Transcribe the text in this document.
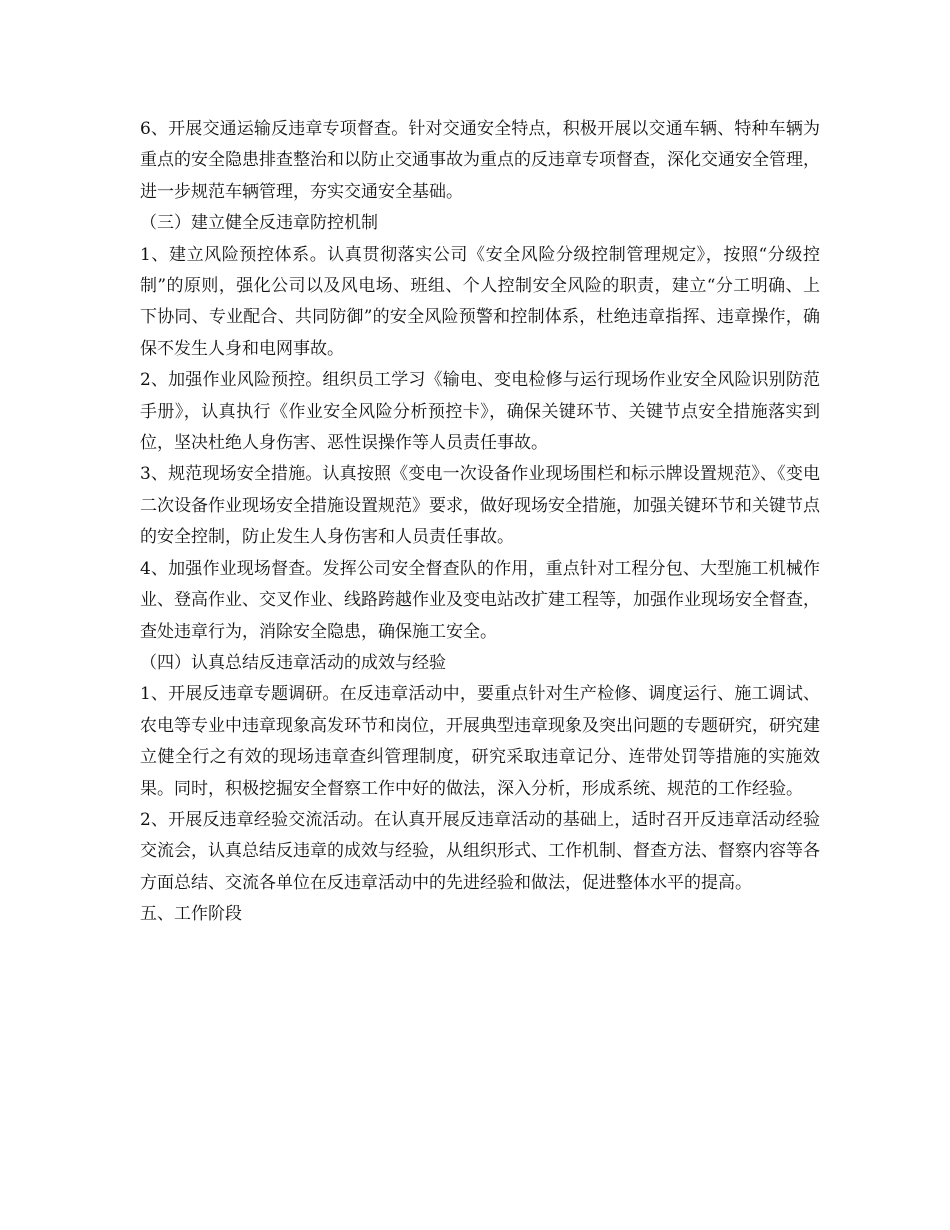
6、开展交通运输反违章专项督查。针对交通安全特点，积极开展以交通车辆、特种车辆为重点的安全隐患排查整治和以防止交通事故为重点的反违章专项督查，深化交通安全管理，进一步规范车辆管理，夯实交通安全基础。

（三）建立健全反违章防控机制

1、建立风险预控体系。认真贯彻落实公司《安全风险分级控制管理规定》，按照“分级控制”的原则，强化公司以及风电场、班组、个人控制安全风险的职责，建立“分工明确、上下协同、专业配合、共同防御”的安全风险预警和控制体系，杜绝违章指挥、违章操作，确保不发生人身和电网事故。

2、加强作业风险预控。组织员工学习《输电、变电检修与运行现场作业安全风险识别防范手册》，认真执行《作业安全风险分析预控卡》，确保关键环节、关键节点安全措施落实到位，坚决杜绝人身伤害、恶性误操作等人员责任事故。

3、规范现场安全措施。认真按照《变电一次设备作业现场围栏和标示牌设置规范》、《变电二次设备作业现场安全措施设置规范》要求，做好现场安全措施，加强关键环节和关键节点的安全控制，防止发生人身伤害和人员责任事故。

4、加强作业现场督查。发挥公司安全督查队的作用，重点针对工程分包、大型施工机械作业、登高作业、交叉作业、线路跨越作业及变电站改扩建工程等，加强作业现场安全督查，查处违章行为，消除安全隐患，确保施工安全。

（四）认真总结反违章活动的成效与经验

1、开展反违章专题调研。在反违章活动中，要重点针对生产检修、调度运行、施工调试、农电等专业中违章现象高发环节和岗位，开展典型违章现象及突出问题的专题研究，研究建立健全行之有效的现场违章查纠管理制度，研究采取违章记分、连带处罚等措施的实施效果。同时，积极挖掘安全督察工作中好的做法，深入分析，形成系统、规范的工作经验。

2、开展反违章经验交流活动。在认真开展反违章活动的基础上，适时召开反违章活动经验交流会，认真总结反违章的成效与经验，从组织形式、工作机制、督查方法、督察内容等各方面总结、交流各单位在反违章活动中的先进经验和做法，促进整体水平的提高。

五、工作阶段
